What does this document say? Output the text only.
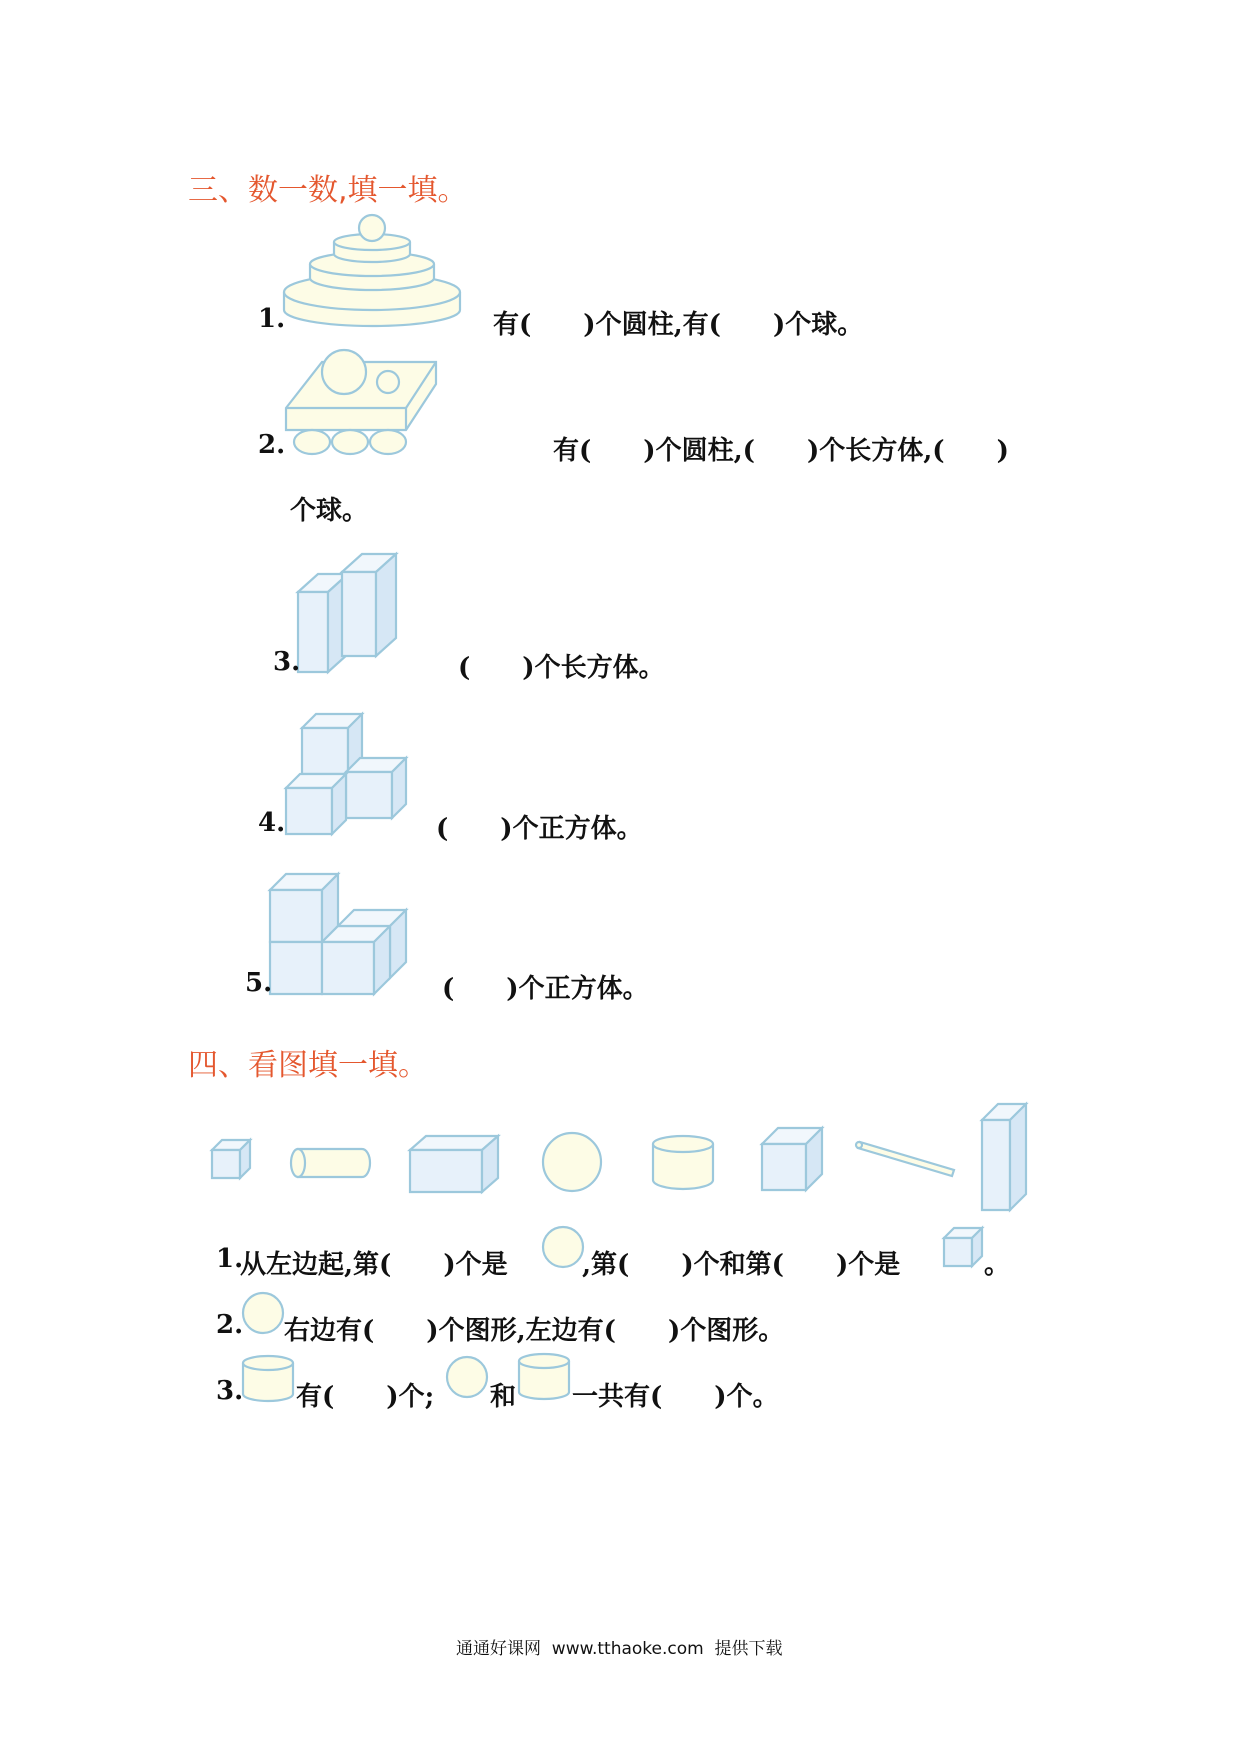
三、数一数,填一填。
1.	有(　　)个圆柱,有(　　)个球。
2.	有(　　)个圆柱,(　　)个长方体,(　　)
个球。
3.	(　　)个长方体。
4.	(　　)个正方体。
5.	(　　)个正方体。
四、看图填一填。
1.
从左边起,第(　　)个是	,第(　　)个和第(　　)个是	。
2. 右边有(　　)个图形,左边有(　　)个图形。
3. 有(　　)个; 和 一共有(　　)个。
通通好课网  www.tthaoke.com  提供下载
